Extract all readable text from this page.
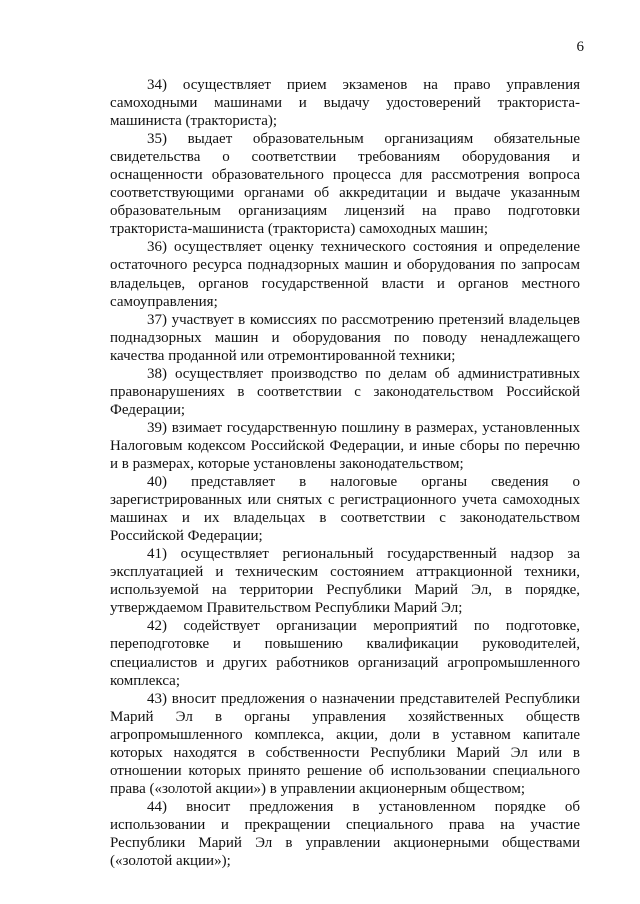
6

34) осуществляет прием экзаменов на право управления самоходными машинами и выдачу удостоверений тракториста-машиниста (тракториста);

35) выдает образовательным организациям обязательные свидетельства о соответствии требованиям оборудования и оснащенности образовательного процесса для рассмотрения вопроса соответствующими органами об аккредитации и выдаче указанным образовательным организациям лицензий на право подготовки тракториста-машиниста (тракториста) самоходных машин;

36) осуществляет оценку технического состояния и определение остаточного ресурса поднадзорных машин и оборудования по запросам владельцев, органов государственной власти и органов местного самоуправления;

37) участвует в комиссиях по рассмотрению претензий владельцев поднадзорных машин и оборудования по поводу ненадлежащего качества проданной или отремонтированной техники;

38) осуществляет производство по делам об административных правонарушениях в соответствии с законодательством Российской Федерации;

39) взимает государственную пошлину в размерах, установленных Налоговым кодексом Российской Федерации, и иные сборы по перечню и в размерах, которые установлены законодательством;

40) представляет в налоговые органы сведения о зарегистрированных или снятых с регистрационного учета самоходных машинах и их владельцах в соответствии с законодательством Российской Федерации;

41) осуществляет региональный государственный надзор за эксплуатацией и техническим состоянием аттракционной техники, используемой на территории Республики Марий Эл, в порядке, утверждаемом Правительством Республики Марий Эл;

42) содействует организации мероприятий по подготовке, переподготовке и повышению квалификации руководителей, специалистов и других работников организаций агропромышленного комплекса;

43) вносит предложения о назначении представителей Республики Марий Эл в органы управления хозяйственных обществ агропромышленного комплекса, акции, доли в уставном капитале которых находятся в собственности Республики Марий Эл или в отношении которых принято решение об использовании специального права («золотой акции») в управлении акционерным обществом;

44) вносит предложения в установленном порядке об использовании и прекращении специального права на участие Республики Марий Эл в управлении акционерными обществами («золотой акции»);
